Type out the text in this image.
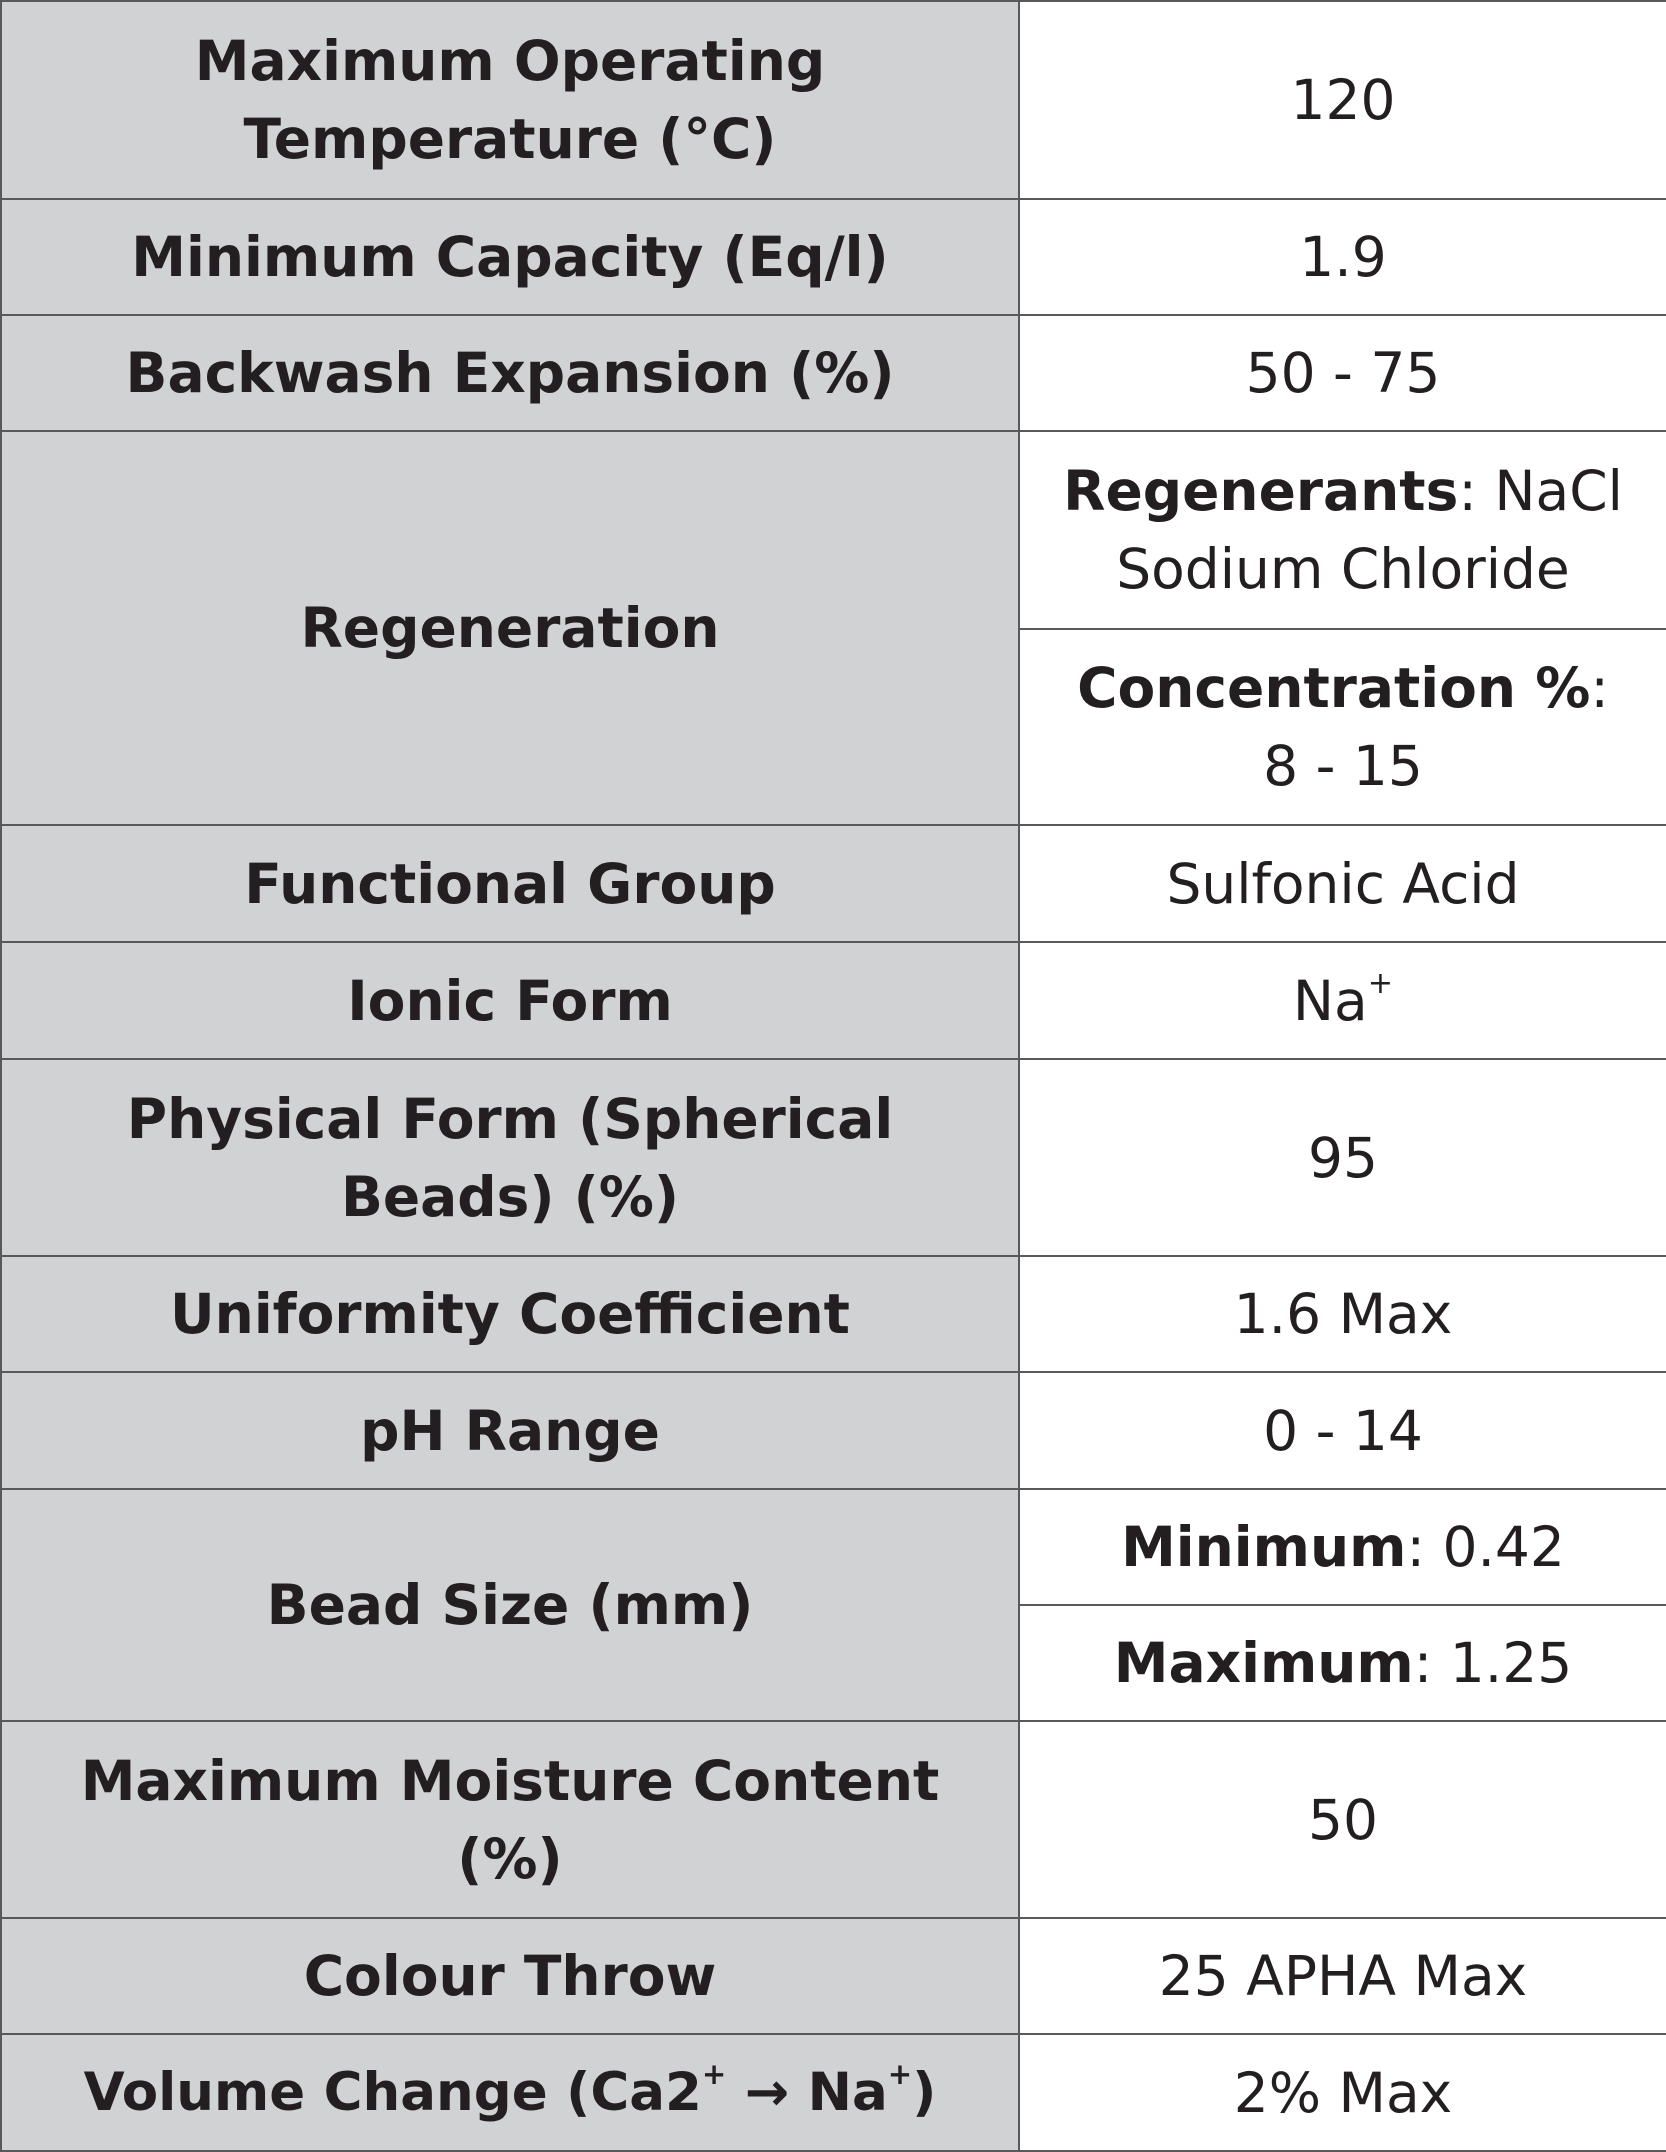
Maximum Operating Temperature (°C)	120
Minimum Capacity (Eq/l)	1.9
Backwash Expansion (%)	50 - 75
Regeneration	Regenerants: NaCl Sodium Chloride
	Concentration %: 8 - 15
Functional Group	Sulfonic Acid
Ionic Form	Na+
Physical Form (Spherical Beads) (%)	95
Uniformity Coefficient	1.6 Max
pH Range	0 - 14
Bead Size (mm)	Minimum: 0.42
	Maximum: 1.25
Maximum Moisture Content (%)	50
Colour Throw	25 APHA Max
Volume Change (Ca2+ → Na+)	2% Max
